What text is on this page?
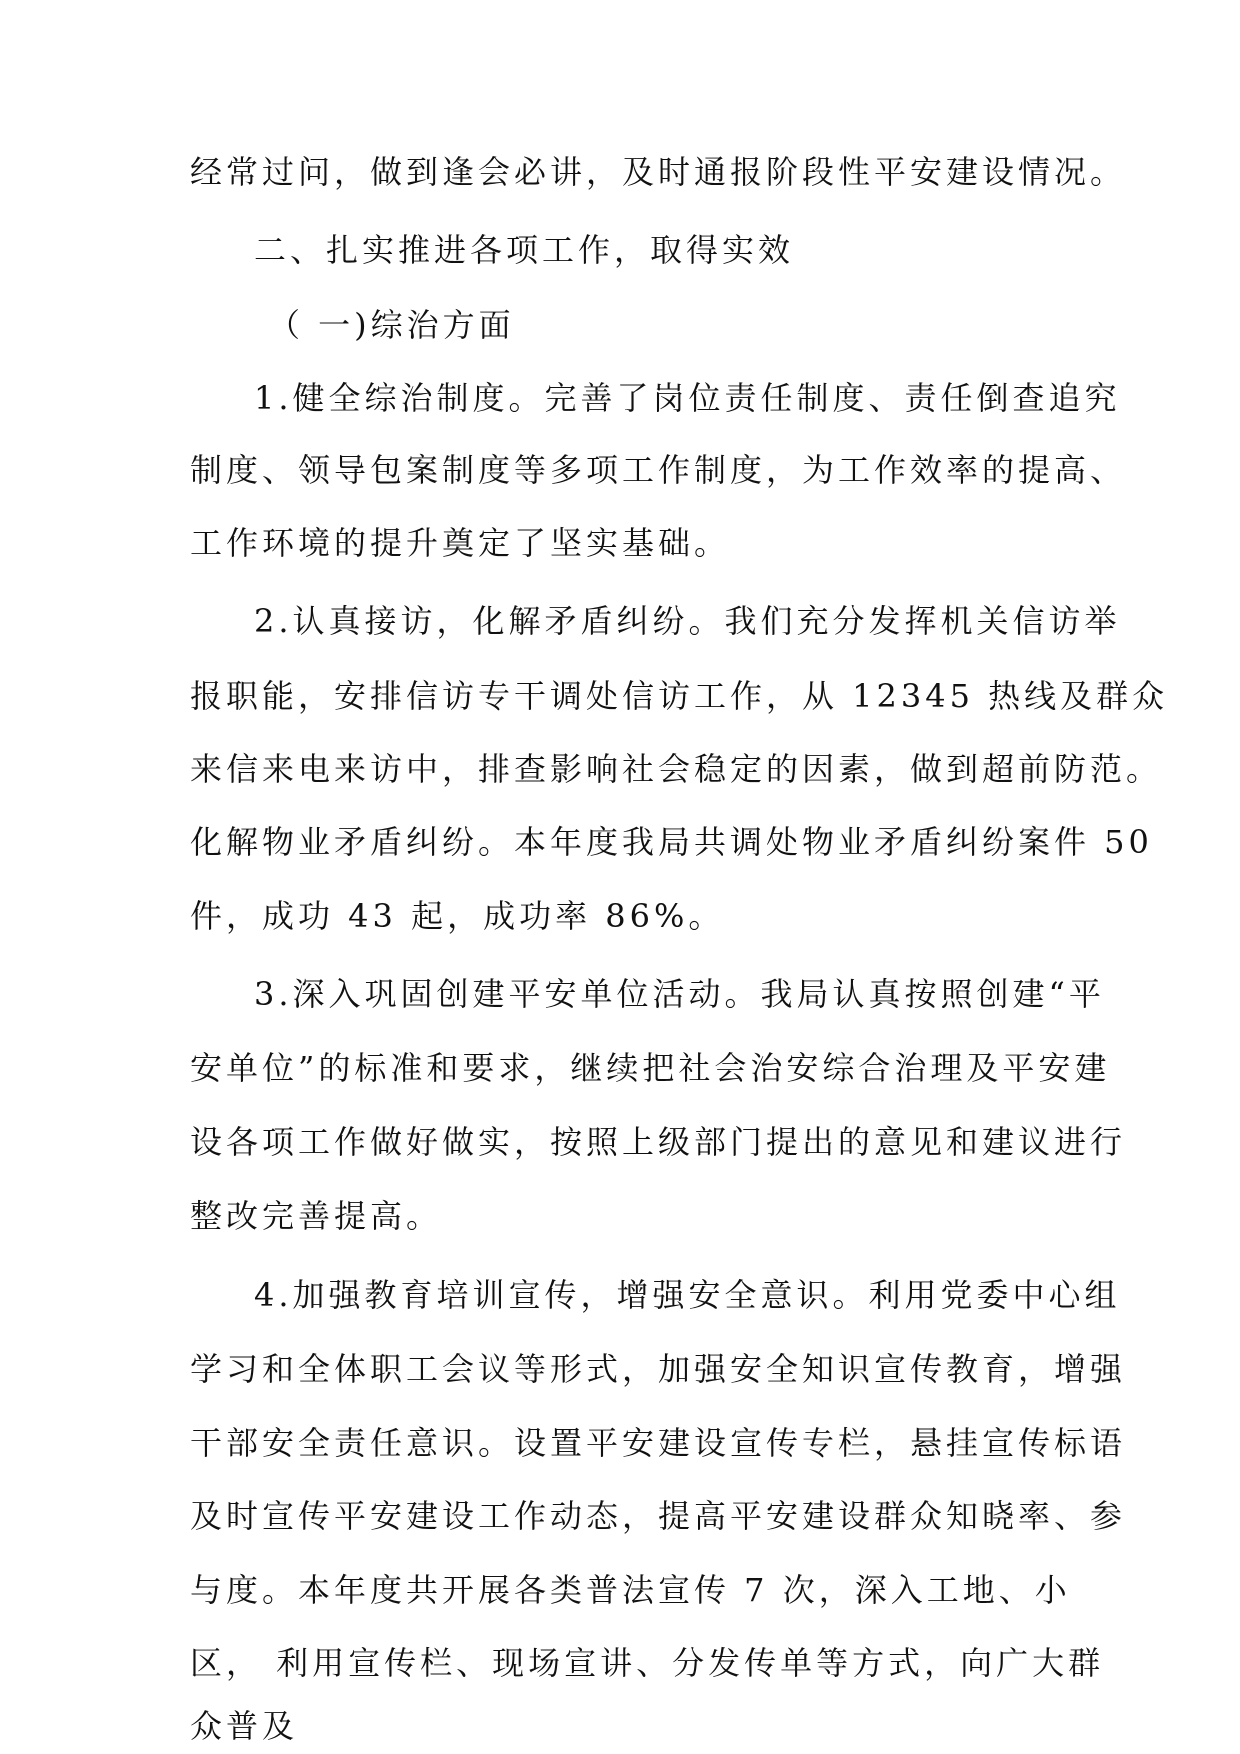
经常过问，做到逢会必讲，及时通报阶段性平安建设情况。
二、扎实推进各项工作，取得实效
（ 一)综治方面
1.健全综治制度。完善了岗位责任制度、责任倒查追究
制度、领导包案制度等多项工作制度，为工作效率的提高、
工作环境的提升奠定了坚实基础。
2.认真接访，化解矛盾纠纷。我们充分发挥机关信访举
报职能，安排信访专干调处信访工作，从 12345 热线及群众
来信来电来访中，排查影响社会稳定的因素，做到超前防范。
化解物业矛盾纠纷。本年度我局共调处物业矛盾纠纷案件 50
件，成功 43 起，成功率 86%。
3.深入巩固创建平安单位活动。我局认真按照创建“平
安单位”的标准和要求，继续把社会治安综合治理及平安建
设各项工作做好做实，按照上级部门提出的意见和建议进行
整改完善提高。
4.加强教育培训宣传，增强安全意识。利用党委中心组
学习和全体职工会议等形式，加强安全知识宣传教育，增强
干部安全责任意识。设置平安建设宣传专栏，悬挂宣传标语
及时宣传平安建设工作动态，提高平安建设群众知晓率、参
与度。本年度共开展各类普法宣传 7 次，深入工地、小
区， 利用宣传栏、现场宣讲、分发传单等方式，向广大群
众普及
